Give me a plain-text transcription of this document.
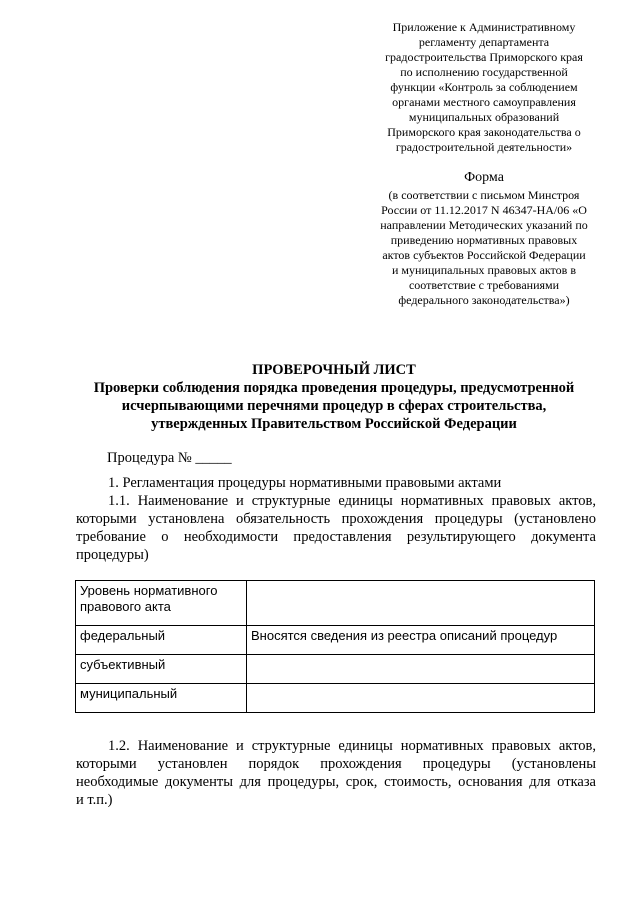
Приложение к Административному
регламенту департамента
градостроительства Приморского края
по исполнению государственной
функции «Контроль за соблюдением
органами местного самоуправления
муниципальных образований
Приморского края законодательства о
градостроительной деятельности»
Форма
(в соответствии с письмом Минстроя
России от 11.12.2017 N 46347-НА/06 «О
направлении Методических указаний по
приведению нормативных правовых
актов субъектов Российской Федерации
и муниципальных правовых актов в
соответствие с требованиями
федерального законодательства»)
ПРОВЕРОЧНЫЙ ЛИСТ
Проверки соблюдения порядка проведения процедуры, предусмотренной
исчерпывающими перечнями процедур в сферах строительства,
утвержденных Правительством Российской Федерации
Процедура № _____
1. Регламентация процедуры нормативными правовыми актами
1.1. Наименование и структурные единицы нормативных правовых актов,
которыми установлена обязательность прохождения процедуры (установлено
требование о необходимости предоставления результирующего документа
процедуры)
Уровень нормативного правового акта	
федеральный	Вносятся сведения из реестра описаний процедур
субъективный	
муниципальный	
1.2. Наименование и структурные единицы нормативных правовых актов,
которыми установлен порядок прохождения процедуры (установлены
необходимые документы для процедуры, срок, стоимость, основания для отказа
и т.п.)
